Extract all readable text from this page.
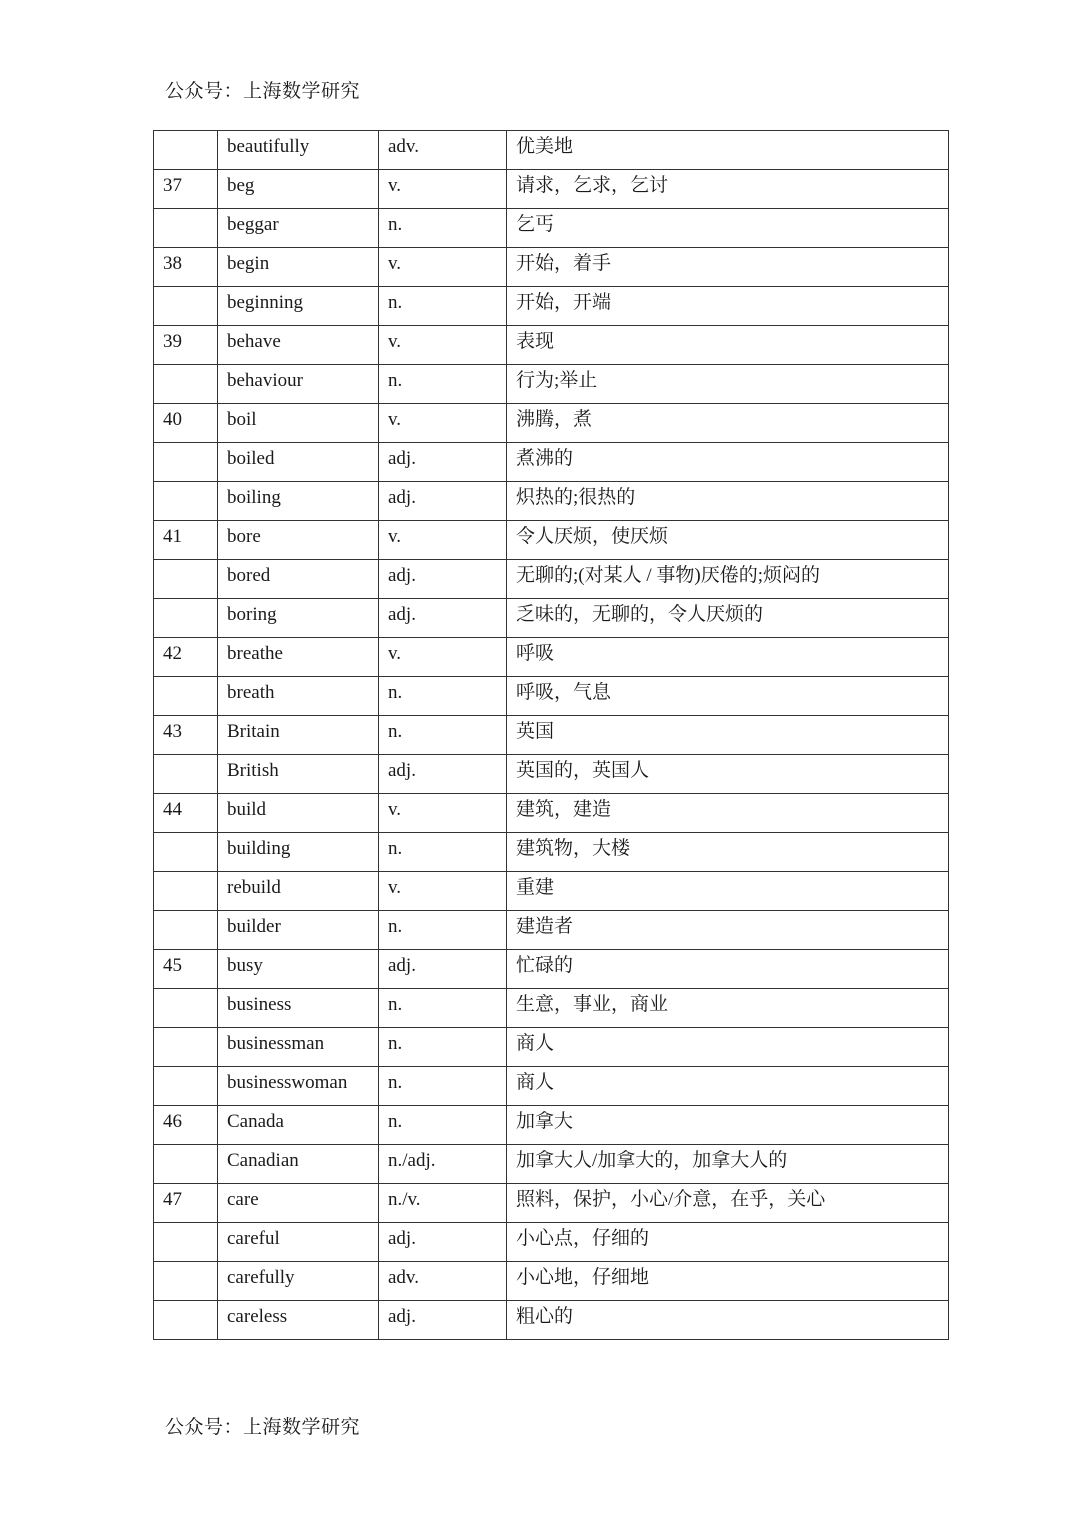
公众号：上海数学研究
	beautifully	adv.	优美地
37	beg	v.	请求，乞求，乞讨
	beggar	n.	乞丐
38	begin	v.	开始，着手
	beginning	n.	开始，开端
39	behave	v.	表现
	behaviour	n.	行为;举止
40	boil	v.	沸腾，煮
	boiled	adj.	煮沸的
	boiling	adj.	炽热的;很热的
41	bore	v.	令人厌烦，使厌烦
	bored	adj.	无聊的;(对某人 / 事物)厌倦的;烦闷的
	boring	adj.	乏味的，无聊的，令人厌烦的
42	breathe	v.	呼吸
	breath	n.	呼吸，气息
43	Britain	n.	英国
	British	adj.	英国的，英国人
44	build	v.	建筑，建造
	building	n.	建筑物，大楼
	rebuild	v.	重建
	builder	n.	建造者
45	busy	adj.	忙碌的
	business	n.	生意，事业，商业
	businessman	n.	商人
	businesswoman	n.	商人
46	Canada	n.	加拿大
	Canadian	n./adj.	加拿大人/加拿大的，加拿大人的
47	care	n./v.	照料，保护，小心/介意，在乎，关心
	careful	adj.	小心点，仔细的
	carefully	adv.	小心地，仔细地
	careless	adj.	粗心的
公众号：上海数学研究
